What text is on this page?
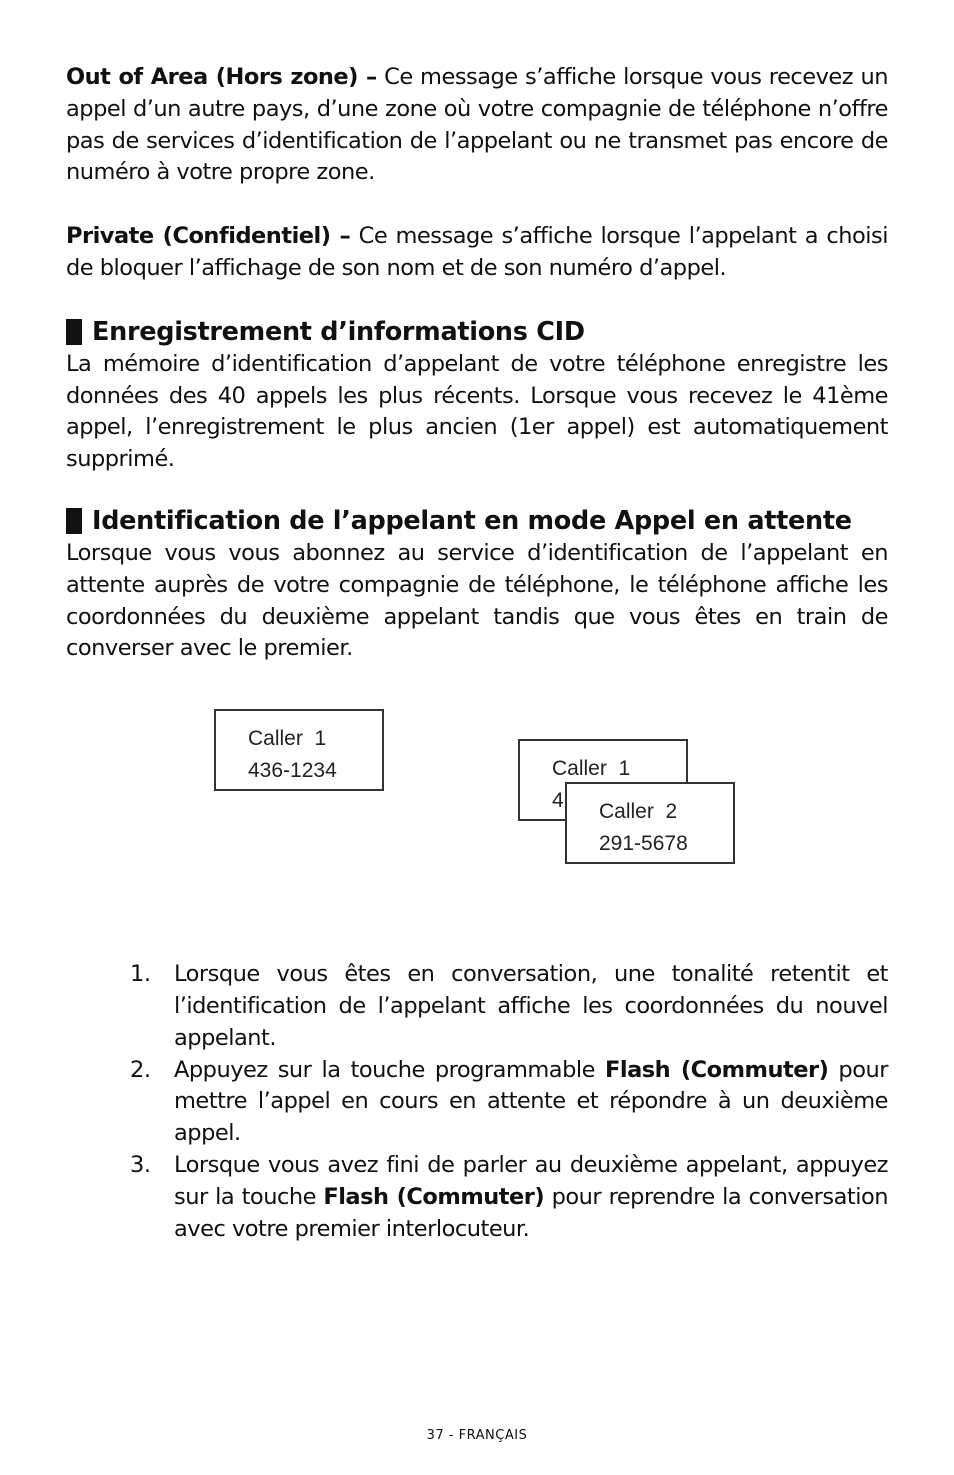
Out of Area (Hors zone) – Ce message s’affiche lorsque vous recevez un appel d’un autre pays, d’une zone où votre compagnie de téléphone n’offre pas de services d’identification de l’appelant ou ne transmet pas encore de numéro à votre propre zone.

Private (Confidentiel) – Ce message s’affiche lorsque l’appelant a choisi de bloquer l’affichage de son nom et de son numéro d’appel.

Enregistrement d’informations CID

La mémoire d’identification d’appelant de votre téléphone enregistre les données des 40 appels les plus récents. Lorsque vous recevez le 41ème appel, l’enregistrement le plus ancien (1er appel) est automatiquement supprimé.

Identification de l’appelant en mode Appel en attente

Lorsque vous vous abonnez au service d’identification de l’appelant en attente auprès de votre compagnie de téléphone, le téléphone affiche les coordonnées du deuxième appelant tandis que vous êtes en train de converser avec le premier.

Caller  1
436-1234	Caller  1
4	Caller  2
291-5678
1. Lorsque vous êtes en conversation, une tonalité retentit et l’identification de l’appelant affiche les coordonnées du nouvel appelant.
2. Appuyez sur la touche programmable Flash (Commuter) pour mettre l’appel en cours en attente et répondre à un deuxième appel.
3. Lorsque vous avez fini de parler au deuxième appelant, appuyez sur la touche Flash (Commuter) pour reprendre la conversation avec votre premier interlocuteur.
37 - FRANÇAIS
